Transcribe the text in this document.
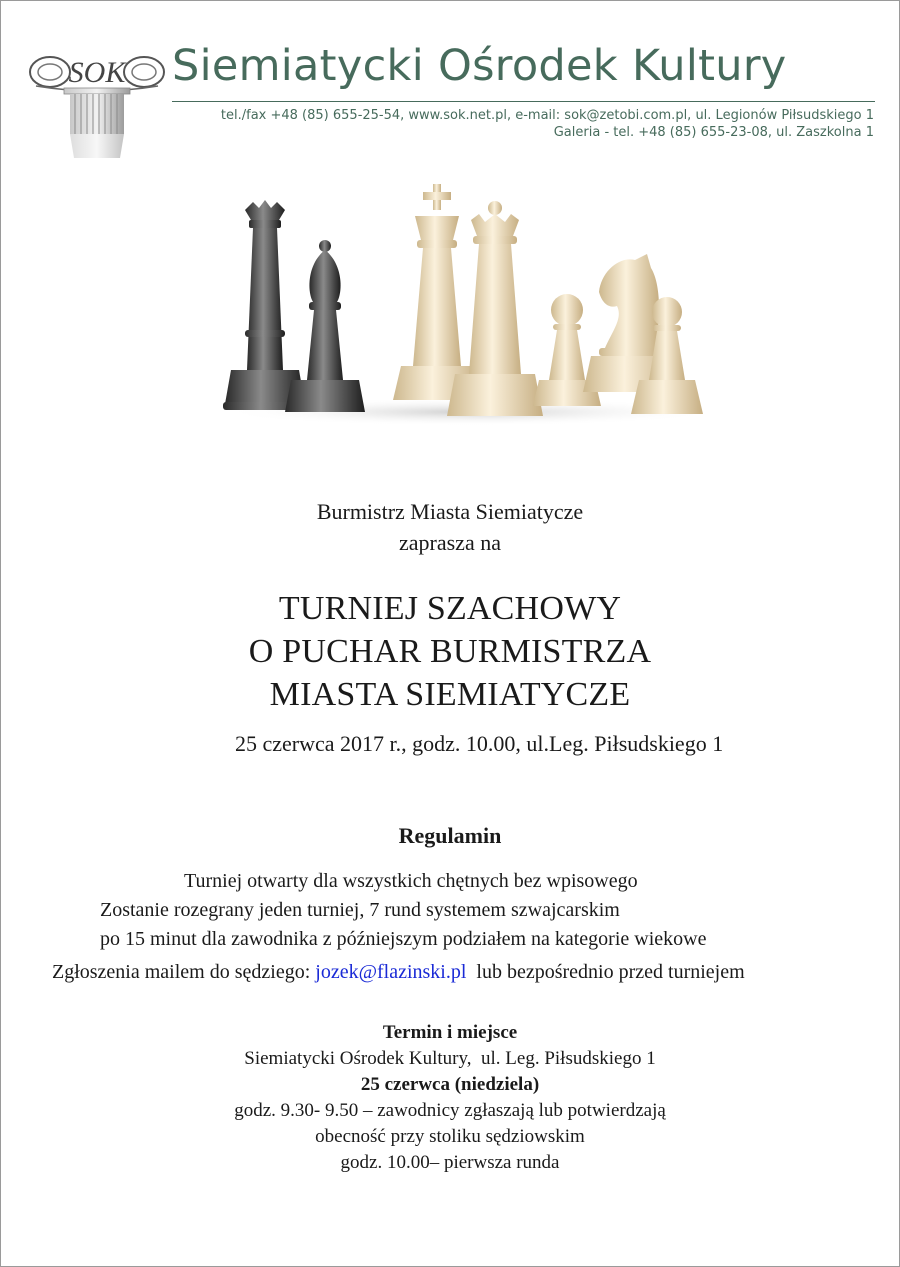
SOK Siemiatycki Ośrodek Kultury
tel./fax +48 (85) 655-25-54, www.sok.net.pl, e-mail: sok@zetobi.com.pl, ul. Legionów Piłsudskiego 1
Galeria - tel. +48 (85) 655-23-08, ul. Zaszkolna 1
Burmistrz Miasta Siemiatycze
zaprasza na
TURNIEJ SZACHOWY
O PUCHAR BURMISTRZA
MIASTA SIEMIATYCZE
25 czerwca 2017 r., godz. 10.00, ul.Leg. Piłsudskiego 1
Regulamin
Turniej otwarty dla wszystkich chętnych bez wpisowego
Zostanie rozegrany jeden turniej, 7 rund systemem szwajcarskim
po 15 minut dla zawodnika z późniejszym podziałem na kategorie wiekowe
Zgłoszenia mailem do sędziego: jozek@flazinski.pl  lub bezpośrednio przed turniejem
Termin i miejsce
Siemiatycki Ośrodek Kultury,  ul. Leg. Piłsudskiego 1
25 czerwca (niedziela)
godz. 9.30- 9.50 – zawodnicy zgłaszają lub potwierdzają
obecność przy stoliku sędziowskim
godz. 10.00– pierwsza runda
